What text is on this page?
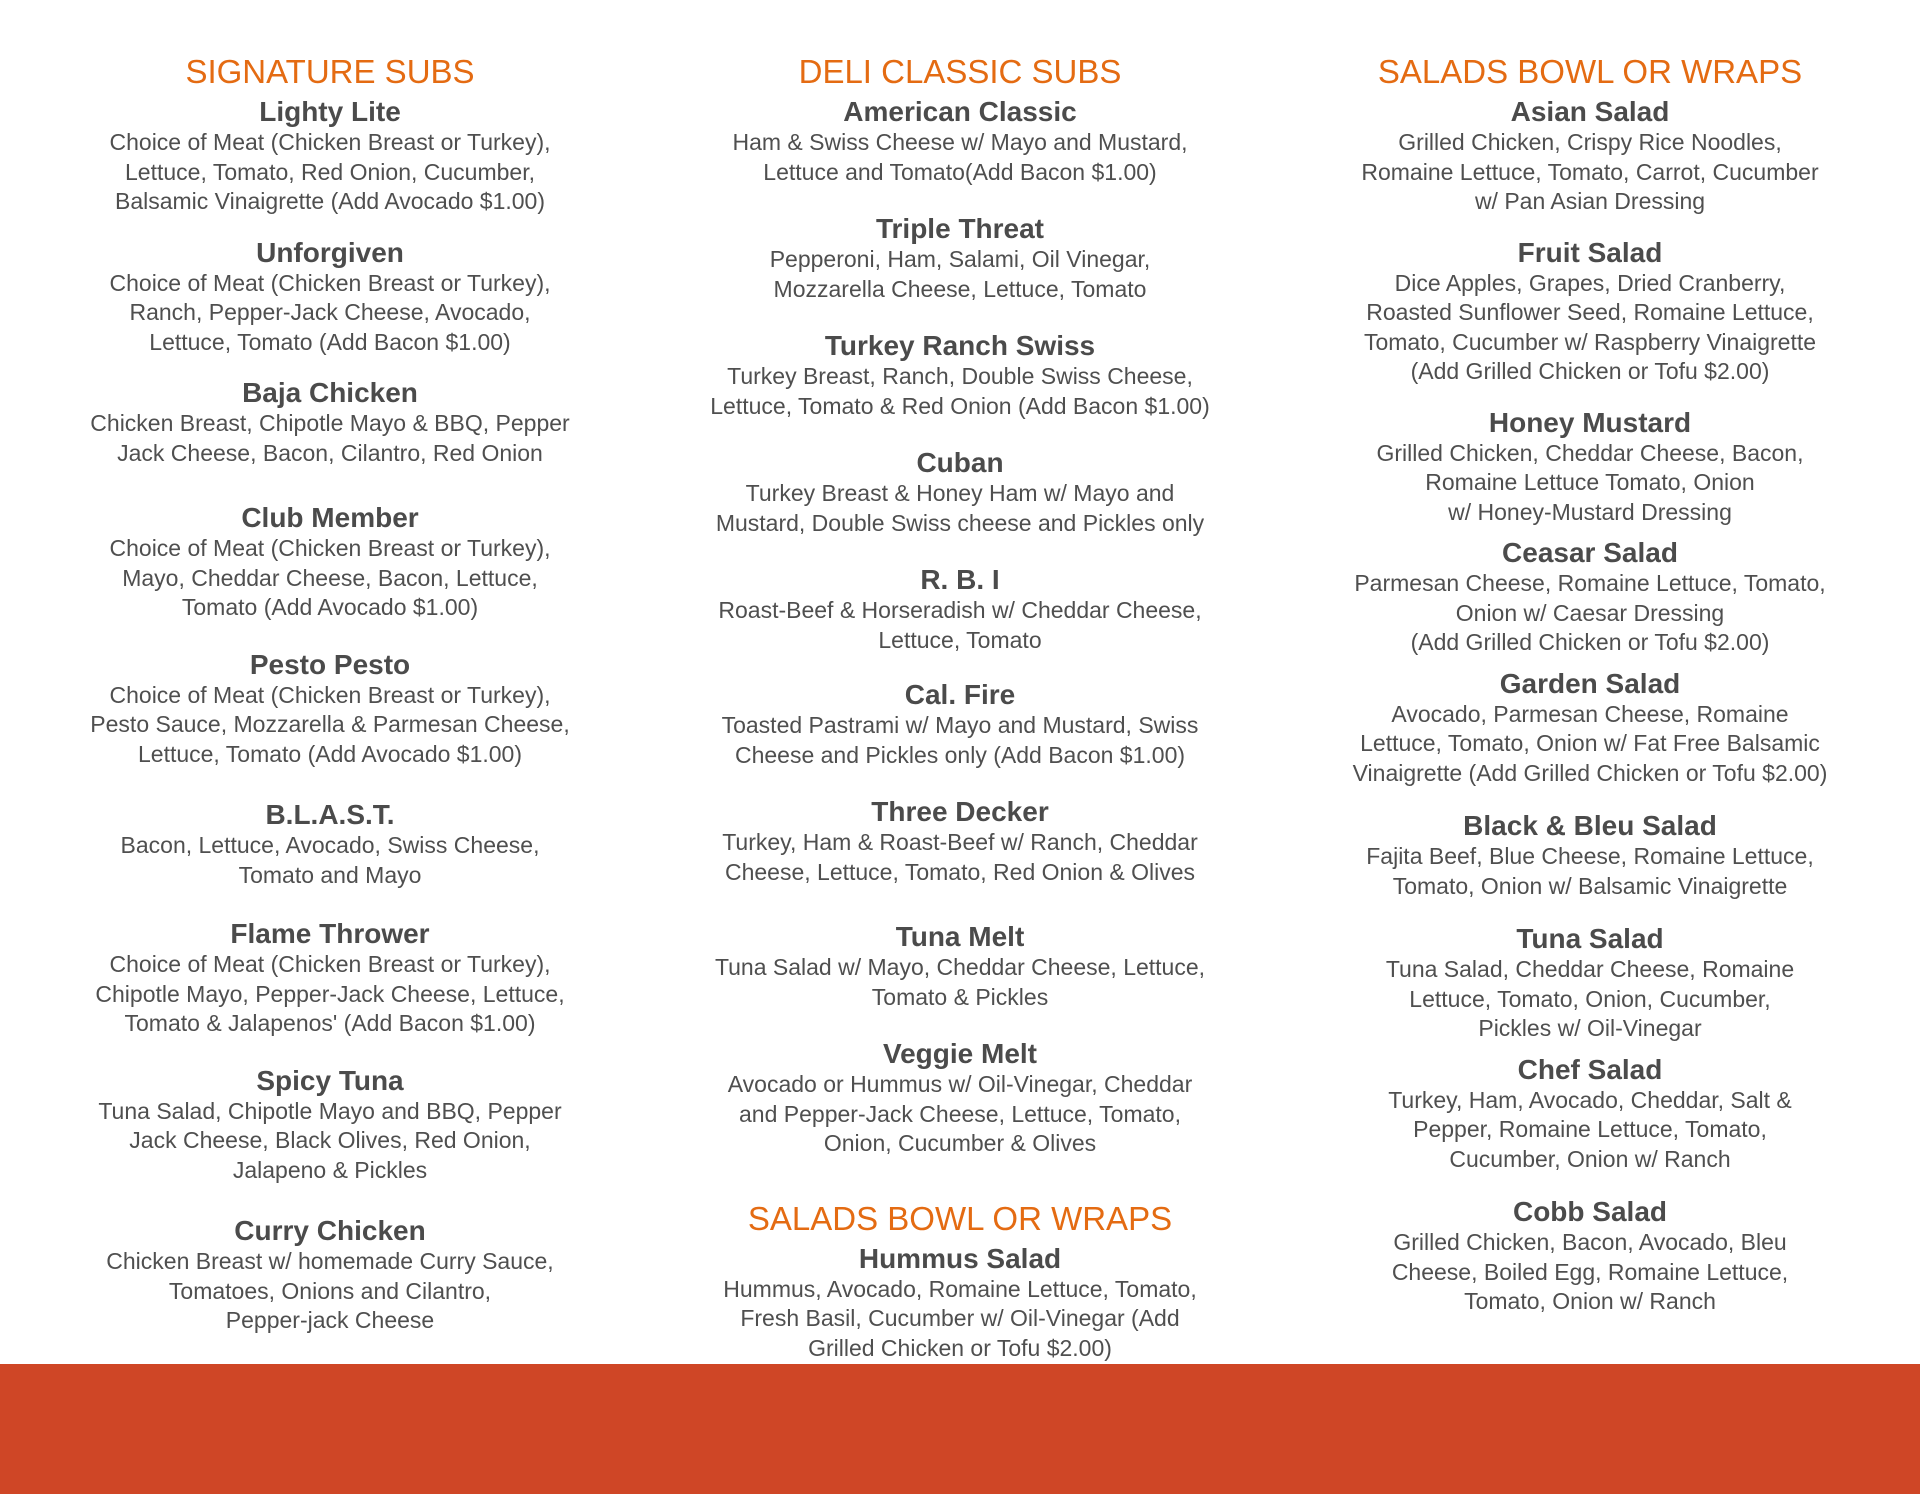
SIGNATURE SUBS
Lighty Lite
Choice of Meat (Chicken Breast or Turkey),
Lettuce, Tomato, Red Onion, Cucumber,
Balsamic Vinaigrette (Add Avocado $1.00)
Unforgiven
Choice of Meat (Chicken Breast or Turkey),
Ranch, Pepper-Jack Cheese, Avocado,
Lettuce, Tomato (Add Bacon $1.00)
Baja Chicken
Chicken Breast, Chipotle Mayo & BBQ, Pepper
Jack Cheese, Bacon, Cilantro, Red Onion
Club Member
Choice of Meat (Chicken Breast or Turkey),
Mayo, Cheddar Cheese, Bacon, Lettuce,
Tomato (Add Avocado $1.00)
Pesto Pesto
Choice of Meat (Chicken Breast or Turkey),
Pesto Sauce, Mozzarella & Parmesan Cheese,
Lettuce, Tomato (Add Avocado $1.00)
B.L.A.S.T.
Bacon, Lettuce, Avocado, Swiss Cheese,
Tomato and Mayo
Flame Thrower
Choice of Meat (Chicken Breast or Turkey),
Chipotle Mayo, Pepper-Jack Cheese, Lettuce,
Tomato & Jalapenos' (Add Bacon $1.00)
Spicy Tuna
Tuna Salad, Chipotle Mayo and BBQ, Pepper
Jack Cheese, Black Olives, Red Onion,
Jalapeno & Pickles
Curry Chicken
Chicken Breast w/ homemade Curry Sauce,
Tomatoes, Onions and Cilantro,
Pepper-jack Cheese
DELI CLASSIC SUBS
American Classic
Ham & Swiss Cheese w/ Mayo and Mustard,
Lettuce and Tomato(Add Bacon $1.00)
Triple Threat
Pepperoni, Ham, Salami, Oil Vinegar,
Mozzarella Cheese, Lettuce, Tomato
Turkey Ranch Swiss
Turkey Breast, Ranch, Double Swiss Cheese,
Lettuce, Tomato & Red Onion (Add Bacon $1.00)
Cuban
Turkey Breast & Honey Ham w/ Mayo and
Mustard, Double Swiss cheese and Pickles only
R. B. I
Roast-Beef & Horseradish w/ Cheddar Cheese,
Lettuce, Tomato
Cal. Fire
Toasted Pastrami w/ Mayo and Mustard, Swiss
Cheese and Pickles only (Add Bacon $1.00)
Three Decker
Turkey, Ham & Roast-Beef w/ Ranch, Cheddar
Cheese, Lettuce, Tomato, Red Onion & Olives
Tuna Melt
Tuna Salad w/ Mayo, Cheddar Cheese, Lettuce,
Tomato & Pickles
Veggie Melt
Avocado or Hummus w/ Oil-Vinegar, Cheddar
and Pepper-Jack Cheese, Lettuce, Tomato,
Onion, Cucumber & Olives
SALADS BOWL OR WRAPS
Hummus Salad
Hummus, Avocado, Romaine Lettuce, Tomato,
Fresh Basil, Cucumber w/ Oil-Vinegar (Add
Grilled Chicken or Tofu $2.00)
SALADS BOWL OR WRAPS
Asian Salad
Grilled Chicken, Crispy Rice Noodles,
Romaine Lettuce, Tomato, Carrot, Cucumber
w/ Pan Asian Dressing
Fruit Salad
Dice Apples, Grapes, Dried Cranberry,
Roasted Sunflower Seed, Romaine Lettuce,
Tomato, Cucumber w/ Raspberry Vinaigrette
(Add Grilled Chicken or Tofu $2.00)
Honey Mustard
Grilled Chicken, Cheddar Cheese, Bacon,
Romaine Lettuce Tomato, Onion
w/ Honey-Mustard Dressing
Ceasar Salad
Parmesan Cheese, Romaine Lettuce, Tomato,
Onion w/ Caesar Dressing
(Add Grilled Chicken or Tofu $2.00)
Garden Salad
Avocado, Parmesan Cheese, Romaine
Lettuce, Tomato, Onion w/ Fat Free Balsamic
Vinaigrette (Add Grilled Chicken or Tofu $2.00)
Black & Bleu Salad
Fajita Beef, Blue Cheese, Romaine Lettuce,
Tomato, Onion w/ Balsamic Vinaigrette
Tuna Salad
Tuna Salad, Cheddar Cheese, Romaine
Lettuce, Tomato, Onion, Cucumber,
Pickles w/ Oil-Vinegar
Chef Salad
Turkey, Ham, Avocado, Cheddar, Salt &
Pepper, Romaine Lettuce, Tomato,
Cucumber, Onion w/ Ranch
Cobb Salad
Grilled Chicken, Bacon, Avocado, Bleu
Cheese, Boiled Egg, Romaine Lettuce,
Tomato, Onion w/ Ranch
